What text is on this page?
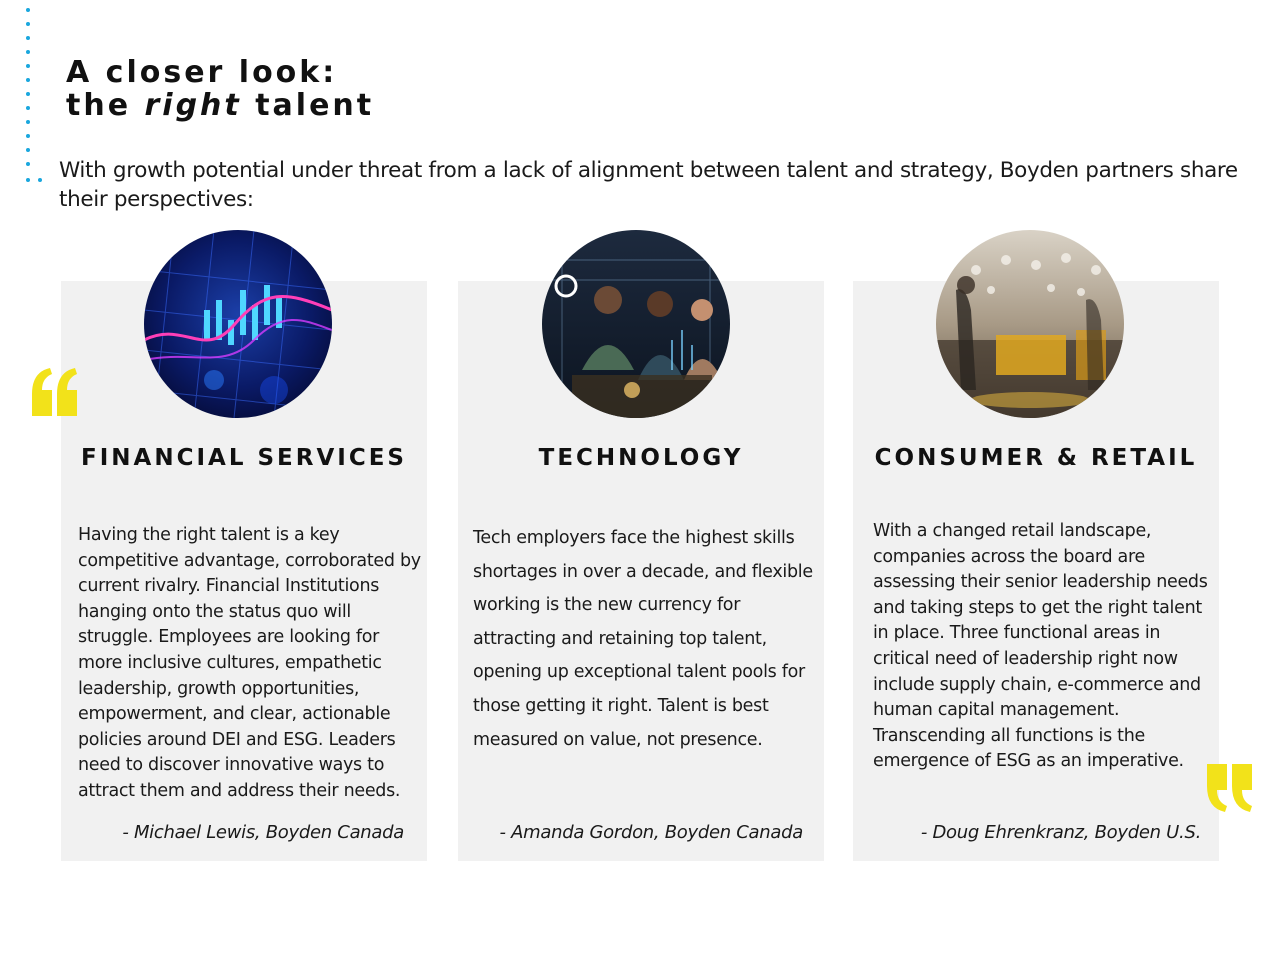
A closer look:
the right talent
With growth potential under threat from a lack of alignment between talent and strategy, Boyden partners share their perspectives:
FINANCIAL SERVICES	TECHNOLOGY	CONSUMER & RETAIL
Having the right talent is a key competitive advantage, corroborated by current rivalry. Financial Institutions hanging onto the status quo will struggle. Employees are looking for more inclusive cultures, empathetic leadership, growth opportunities, empowerment, and clear, actionable policies around DEI and ESG. Leaders need to discover innovative ways to attract them and address their needs.
Tech employers face the highest skills shortages in over a decade, and flexible working is the new currency for attracting and retaining top talent, opening up exceptional talent pools for those getting it right. Talent is best measured on value, not presence.
With a changed retail landscape, companies across the board are assessing their senior leadership needs and taking steps to get the right talent in place. Three functional areas in critical need of leadership right now include supply chain, e-commerce and human capital management. Transcending all functions is the emergence of ESG as an imperative.
- Michael Lewis, Boyden Canada	- Amanda Gordon, Boyden Canada	- Doug Ehrenkranz, Boyden U.S.
